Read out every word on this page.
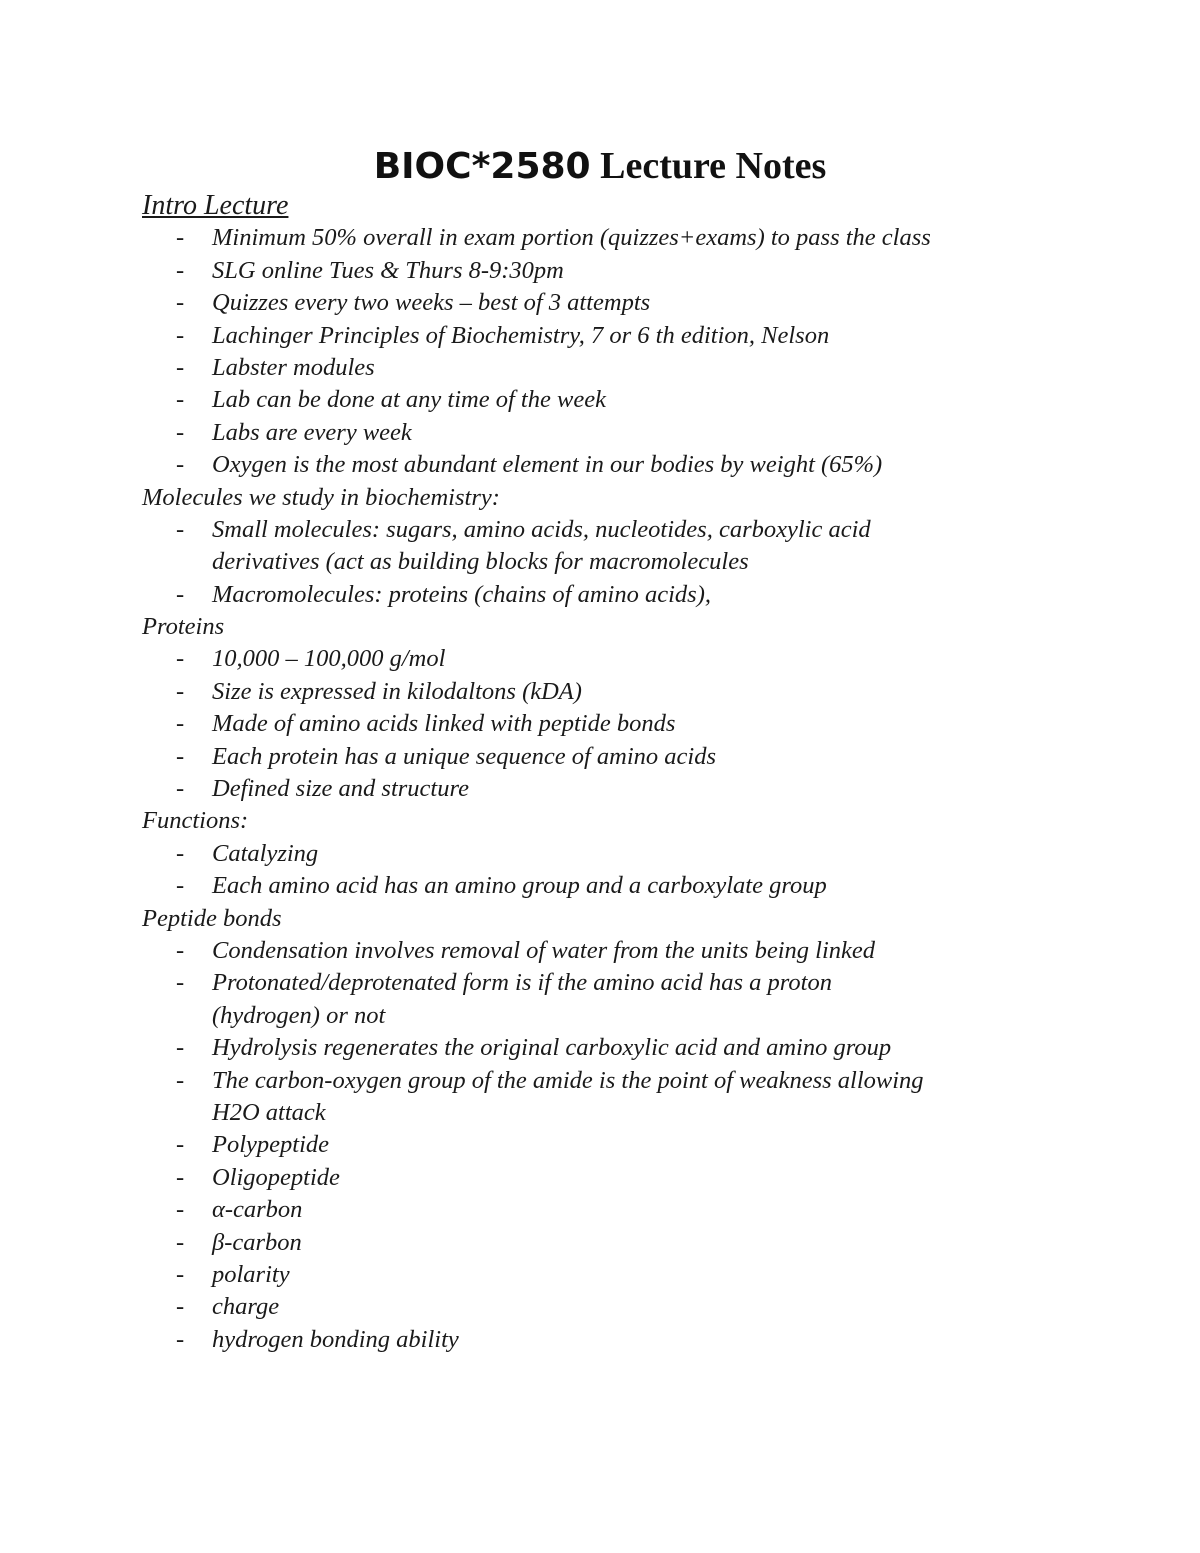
BIOC*2580 Lecture Notes
Intro Lecture
- Minimum 50% overall in exam portion (quizzes+exams) to pass the class
- SLG online Tues & Thurs 8-9:30pm
- Quizzes every two weeks – best of 3 attempts
- Lachinger Principles of Biochemistry, 7 or 6 th edition, Nelson
- Labster modules
- Lab can be done at any time of the week
- Labs are every week
- Oxygen is the most abundant element in our bodies by weight (65%)
Molecules we study in biochemistry:
- Small molecules: sugars, amino acids, nucleotides, carboxylic acid
derivatives (act as building blocks for macromolecules
- Macromolecules: proteins (chains of amino acids),
Proteins
- 10,000 – 100,000 g/mol
- Size is expressed in kilodaltons (kDA)
- Made of amino acids linked with peptide bonds
- Each protein has a unique sequence of amino acids
- Defined size and structure
Functions:
- Catalyzing
- Each amino acid has an amino group and a carboxylate group
Peptide bonds
- Condensation involves removal of water from the units being linked
- Protonated/deprotenated form is if the amino acid has a proton
(hydrogen) or not
- Hydrolysis regenerates the original carboxylic acid and amino group
- The carbon-oxygen group of the amide is the point of weakness allowing
H2O attack
- Polypeptide
- Oligopeptide
- α-carbon
- β-carbon
- polarity
- charge
- hydrogen bonding ability
